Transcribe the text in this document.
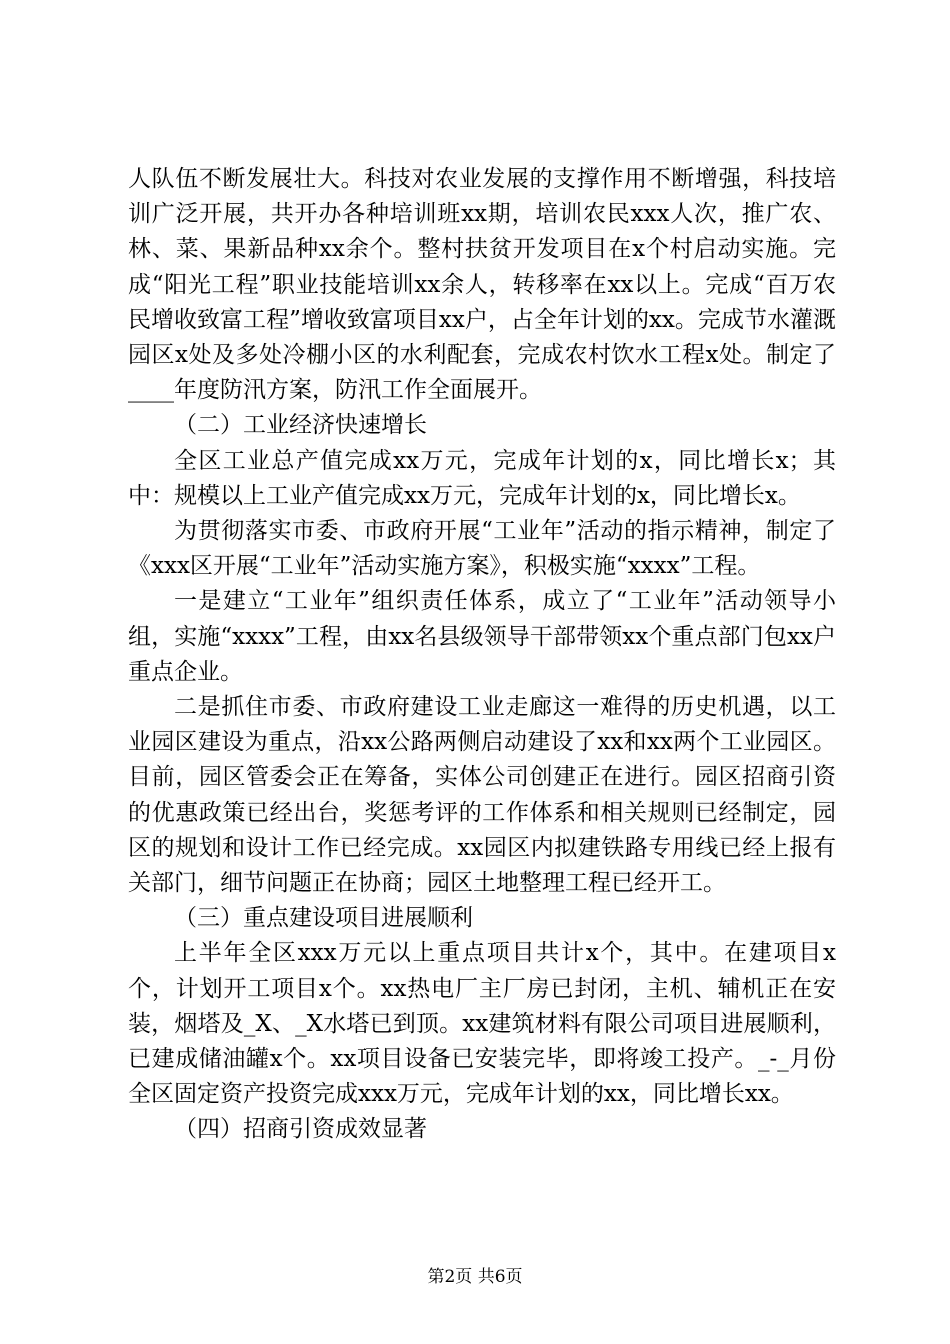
人队伍不断发展壮大。科技对农业发展的支撑作用不断增强，科技培训广泛开展，共开办各种培训班xx期，培训农民xxx人次，推广农、林、菜、果新品种xx余个。整村扶贫开发项目在x个村启动实施。完成“阳光工程”职业技能培训xx余人，转移率在xx以上。完成“百万农民增收致富工程”增收致富项目xx户，占全年计划的xx。完成节水灌溉园区x处及多处冷棚小区的水利配套，完成农村饮水工程x处。制定了____年度防汛方案，防汛工作全面展开。

（二）工业经济快速增长

全区工业总产值完成xx万元，完成年计划的x，同比增长x；其中：规模以上工业产值完成xx万元，完成年计划的x，同比增长x。

为贯彻落实市委、市政府开展“工业年”活动的指示精神，制定了《xxx区开展“工业年”活动实施方案》，积极实施“xxxx”工程。

一是建立“工业年”组织责任体系，成立了“工业年”活动领导小组，实施“xxxx”工程，由xx名县级领导干部带领xx个重点部门包xx户重点企业。

二是抓住市委、市政府建设工业走廊这一难得的历史机遇，以工业园区建设为重点，沿xx公路两侧启动建设了xx和xx两个工业园区。目前，园区管委会正在筹备，实体公司创建正在进行。园区招商引资的优惠政策已经出台，奖惩考评的工作体系和相关规则已经制定，园区的规划和设计工作已经完成。xx园区内拟建铁路专用线已经上报有关部门，细节问题正在协商；园区土地整理工程已经开工。

（三）重点建设项目进展顺利

上半年全区xxx万元以上重点项目共计x个，其中。在建项目x个，计划开工项目x个。xx热电厂主厂房已封闭，主机、辅机正在安装，烟塔及_X、_X水塔已到顶。xx建筑材料有限公司项目进展顺利，已建成储油罐x个。xx项目设备已安装完毕，即将竣工投产。_-_月份全区固定资产投资完成xxx万元，完成年计划的xx，同比增长xx。

（四）招商引资成效显著

第2页 共6页
